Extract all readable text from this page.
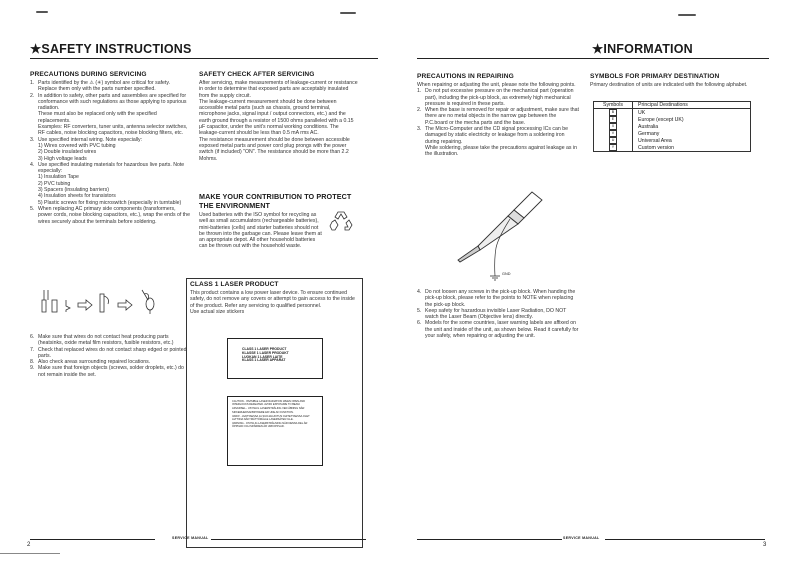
★SAFETY INSTRUCTIONS
PRECAUTIONS DURING SERVICING
1. Parts identified by the ⚠ (✳) symbol are critical for safety. Replace them only with the parts number specified.
2. In addition to safety, other parts and assemblies are specified for conformance with such regulations as those applying to spurious radiation.
These must also be replaced only with the specified replacements.
Examples: RF converters, tuner units, antenna selector switches, RF cables, noise blocking capacitors, noise blocking filters, etc.
3. Use specified internal wiring. Note especially:
1) Wires covered with PVC tubing
2) Double insulated wires
3) High voltage leads
4. Use specified insulating materials for hazardous live parts. Note especially:
1) Insulation Tape
2) PVC tubing
3) Spacers (insulating barriers)
4) Insulation sheets for transistors
5) Plastic screws for fixing microswitch (especially in turntable)
5. When replacing AC primary side components (transformers, power cords, noise blocking capacitors, etc.), wrap the ends of the wires securely about the terminals before soldering.
6. Make sure that wires do not contact heat producing parts (heatsinks, oxide metal film resistors, fusible resistors, etc.)
7. Check that replaced wires do not contact sharp edged or pointed parts.
8. Also check areas surrounding repaired locations.
9. Make sure that foreign objects (screws, solder droplets, etc.) do not remain inside the set.
SAFETY CHECK AFTER SERVICING
After servicing, make measurements of leakage-current or resistance in order to determine that exposed parts are acceptably insulated from the supply circuit.
The leakage-current measurement should be done between accessible metal parts (such as chassis, ground terminal, microphone jacks, signal input / output connectors, etc.) and the earth ground through a resistor of 1500 ohms paralleled with a 0.15 μF capacitor, under the unit's normal working conditions. The leakage-current should be less than 0.5 mA rms AC.
The resistance measurement should be done between accessible exposed metal parts and power cord plug prongs with the power switch (if included) "ON". The resistance should be more than 2.2 Mohms.
MAKE YOUR CONTRIBUTION TO PROTECT THE ENVIRONMENT
Used batteries with the ISO symbol for recycling as well as small accumulators (rechargeable batteries), mini-batteries (cells) and starter batteries should not be thrown into the garbage can. Please leave them at an appropriate depot. All other household batteries can be thrown out with the household waste.
CLASS 1 LASER PRODUCT
This product contains a low power laser device. To ensure continued safety, do not remove any covers or attempt to gain access to the inside of the product. Refer any servicing to qualified personnel.
Use actual size stickers
CLASS 1 LASER PRODUCT
KLASSE 1 LASER PRODUKT
LUOKAN 1 LASER LAITE
KLASS 1 LASER APPARAT
CAUTION - INVISIBLE LASER RADIATION WHEN OPEN AND INTERLOCKS DEFEATED. AVOID EXPOSURE TO BEAM.
ADVARSEL - USYNLIG LASERSTRÅLING VED ÅBNING NÅR SIKKERHEDSAFBRYDERE ER UDE AF FUNKTION.
VARO! - AVATTAESSA JA SUOJALUKITUS OHITETTAESSA OLET ALTTIINA NÄKYMÄTTÖMÄLLE LASERSÄTEILYLLE.
VARNING - OSYNLIG LASERSTRÅLNING NÄR DENNA DEL ÄR ÖPPNAD OCH SPÄRREN ÄR URKOPPLAD.
SERVICE MANUAL
2
★INFORMATION
PRECAUTIONS IN REPAIRING
When repairing or adjusting the unit, please note the following points.
1. Do not put excessive pressure on the mechanical part (operation part), including the pick-up block, as extremely high mechanical pressure is required in these parts.
2. When the base is removed for repair or adjustment, make sure that there are no metal objects in the narrow gap between the P.C.board or the mecha parts and the base.
3. The Micro-Computer and the CD signal processing ICs can be damaged by static electricity or leakage from a soldering iron during repairing.
While soldering, please take the precautions against leakage as in the illustration.
GND
4. Do not loosen any screws in the pick-up block. When handing the pick-up block, please refer to the points to NOTE when replacing the pick-up block.
5. Keep safety for hazardous invisible Laser Radiation, DO NOT watch the Laser Beam (Objective lens) directly.
6. Models for the some countries, laser warning labels are affixed on the unit and inside of the unit, as shown below. Read it carefully for your safety, when repairing or adjusting the unit.
SYMBOLS FOR PRIMARY DESTINATION
Primary destination of units are indicated with the following alphabet.
Symbols	Principal Destinations
B	UK
E	Europe (except UK)
X	Australia
V	Germany
U	Universal Area
Y	Custom version
SERVICE MANUAL
3
